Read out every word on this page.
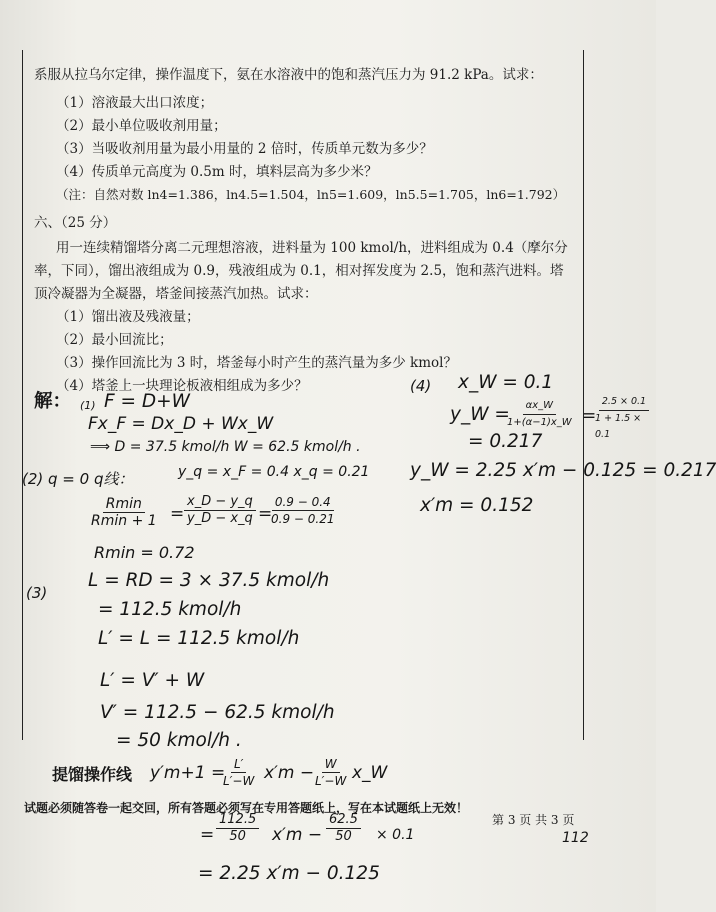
系服从拉乌尔定律，操作温度下，氨在水溶液中的饱和蒸汽压力为 91.2 kPa。试求：
（1）溶液最大出口浓度；
（2）最小单位吸收剂用量；
（3）当吸收剂用量为最小用量的 2 倍时，传质单元数为多少？
（4）传质单元高度为 0.5m 时，填料层高为多少米？
（注：自然对数 ln4=1.386，ln4.5=1.504，ln5=1.609，ln5.5=1.705，ln6=1.792）
六、（25 分）
用一连续精馏塔分离二元理想溶液，进料量为 100 kmol/h，进料组成为 0.4（摩尔分
率，下同），馏出液组成为 0.9，残液组成为 0.1，相对挥发度为 2.5，饱和蒸汽进料。塔
顶冷凝器为全凝器，塔釜间接蒸汽加热。试求：
（1）馏出液及残液量；
（2）最小回流比；
（3）操作回流比为 3 时，塔釜每小时产生的蒸汽量为多少 kmol？
（4）塔釜上一块理论板液相组成为多少？
解： (1) F = D+W
Fx_F = Dx_D + Wx_W
⟹ D = 37.5 kmol/h W = 62.5 kmol/h .
(4) x_W = 0.1
y_W =
$\frac{\alpha x\_W}{1+(\alpha-1)x\_W}$ =
$\frac{2.5 \times 0.1}{1 + 1.5 \times 0.1}$
= 0.217
y_W = 2.25 x′m − 0.125 = 0.217
x′m = 0.152
(2) q = 0 q线：	y_q = x_F = 0.4 x_q = 0.21
Rmin
$Rmin + 1 = \frac{x\_D - y\_q}{y\_D - x\_q}$ =
$\frac{0.9 - 0.4}{0.9 - 0.21}$
Rmin = 0.72
(3)
L = RD = 3 × 37.5 kmol/h
= 112.5 kmol/h
L′ = L = 112.5 kmol/h
L′ = V′ + W
V′ = 112.5 − 62.5 kmol/h
= 50 kmol/h .
提馏操作线 y′m+1 =
$\frac{L'}{L'-W} x'm$ −
$\frac{W}{L'-W}$ x_W
试题必须随答卷一起交回，所有答题必须写在专用答题纸上，写在本试题纸上无效！
第 3 页 共 3 页
112
= $\frac{112.5}{50} x'm - \frac{62.5}{50} \times 0.1$
= 2.25 x′m − 0.125
